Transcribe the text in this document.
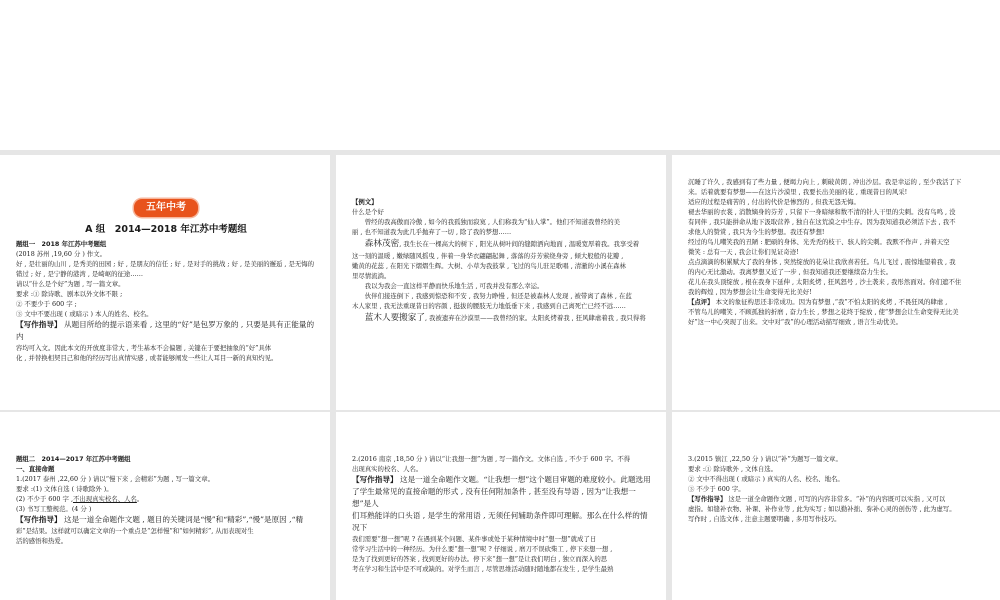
五年中考
A 组　2014—2018 年江苏中考题组

题组一　2018 年江苏中考题组

(2018 苏州 ,19,60 分 ) 作文。

好 , 是壮丽的山川 , 是秀美的田园 ; 好 , 是朋友的信任 ; 好 , 是对手的挑战 ; 好 , 是美丽的邂逅 , 是无悔的

错过 ; 好 , 是宁静的港湾 , 是崎岖的征途……

请以“什么是个好”为题 , 写一篇文章。

要求 :① 除诗歌、剧本以外文体不限 ;

② 不要少于 600 字 ;

③ 文中不要出现 ( 或暗示 ) 本人的姓名、校名。

【写作指导】 从题目所给的提示语来看 , 这里的“好”是包罗万象的 , 只要是具有正能量的内

容均可入文。因此本文的开放度非常大 , 考生基本不会偏题 , 关键在于要把抽象的“好”具体

化 , 并替换相契目己和他的经历写出真情实感 , 或者能够阐发一些让人耳目一新的真知灼见。

【例文】

什么是个好

曾经的我高傲而冷傲 , 如今的我孤独而寂寞 , 人们称我为“仙人掌”。他们不知道我曾经的美

丽 , 也不知道我为此几乎抛弃了一切 , 除了我的梦想……

森林茂密, 我生长在一棵高大的树下 , 阳光从树叶间的缝隙洒向地面 , 温暖宽厚着我。我享受着

这一刻的温暖 , 嫩绿随风摇曳 , 伴着一身华衣翩翩起舞 , 落落的芬芳萦绕身旁 , 倾大般般的花瓣 ,

嫩黄的花蕊 , 在阳光下熠熠生辉。大树、小草为我鼓掌 , 飞过的鸟儿驻足歌唱 , 清澈的小溪在森林

里尽情流淌。

我以为我会一直这样平静而快乐地生活 , 可我并没有那么幸运。

伙伴们接连倒下 , 我感到惊恐和不安 , 我努力睁慢 , 但还是被森林人发现 , 被带离了森林 , 在蓝

木人家里 , 我无法重现昔日的容颜 , 挺拔的腰肢无力地低垂下来 , 我感到自己离死亡已经不远……

蓝木人要搬家了, 我被遗弃在沙漠里——我曾经的家。太阳炙烤着我 , 狂风肆虐着我 , 我只得将

沉睡了许久 , 我感到有了些力量 , 便竭力向上 , 刺破黄朗 , 冲出沙层。我是幸运的 , 至少我活了下

来。话着就要有梦想——在这片沙漠里 , 我要长出美丽的花 , 重现昔日的风采!

适应的过程是痛苦的 , 付出的代价是惨烈的 , 但我无怨无悔。

褪去华丽的衣裳 , 消散嫡身的芬芳 , 只留下一身暗绿和数不清的针人干里的尖刺。没有鸟鸣 , 没

有同伴 , 我只能拼命从地下汲取营养 , 独自在这荒漠之中生存。因为我知道我必须活下去 , 我不

求他人的赞赏 , 我只为今生的梦想。我还有梦想!

经过的鸟儿嘲笑我的丑陋 : 肥硕的身体、光秃秃的枝干、骇人的尖刺。我默不作声 , 并着天空

微笑 : 总有一天 , 我会让你们见证奇迹!

点点滴滴的积累赋大了我的身体 , 突然绽放的花朵让我欣喜若狂。鸟儿飞过 , 震惊地望着我 , 我

的内心无比激动。我离梦想又近了一步 , 但我知道我还要继续奋力生长。

花儿在我头顶绽放 , 根在我身下延伸 , 太阳炙烤 , 狂风怒号 , 沙土袭来 , 我彤然面对。你们遮不住

我的辉煌 , 因为梦想会让生命变得无比美好!

【点评】 本文的象征构思还非常成功。因为有梦想 ,“我”不怕太阳的炙烤 , 不畏狂风的肆虐 ,

不管鸟儿的嘲笑 , 不顾孤独的折磨 , 奋力生长 , 梦想之花终于绽放 , 使“梦想会让生命变得无比美

好”这一中心突现了出来。文中对“我”的心理活动描写细致 , 语言生动优美。

题组二　2014—2017 年江苏中考题组

一、直接命题

1.(2017 泰州 ,22,60 分 ) 请以“慢下来 , 会精彩”为题 , 写一篇文章。

要求 :(1) 文体自选 ( 诗歌除外 )。

(2) 不少于 600 字 ,不出现真实校名、人名。

(3) 书写工整规范。(4 分 )

【写作指导】 这是一道全命题作文题 , 题目的关键词是“慢”和“精彩”,“慢”是原因 ,“精

彩”是结果。这样就可以确定文章的一个重点是“怎样慢”和“如何精彩”, 从而表现对生

活的感悟和热爱。

2.(2016 南京 ,18,50 分 ) 请以“让我想一想”为题 , 写一篇作文。文体自选 , 不少于 600 字。不得

出现真实的校名、人名。

【写作指导】 这是一道全命题作文题。“让我想一想”这个题目审题的难度较小。此题选用

了学生最常见的直接命题的形式 , 没有任何附加条件 , 甚至没有导语 , 因为“让我想一想”是人

们耳熟能详的口头语 , 是学生的常用语 , 无须任何辅助条件即可理解。那么在什么样的情况下

我们需要“想一想”呢 ? 在遇到某个问题、某件事或处于某种情境中时“想一想”就成了日

常学习生活中的一种经历。为什么要“想一想”呢 ? 仔细说 , 磨刀不误砍柴工 , 停下来想一想 ,

是为了找到更好的答案 , 找到更好的办法。停下来“想一想”是让我们明白 , 独立而深入的思

考在学习和生活中是不可或缺的。对学生而言 , 尽管思维活动随时随地都在发生 , 是学生最熟

3.(2015 镇江 ,22,50 分 ) 请以“补”为题写一篇文章。

要求 :① 除诗歌外 , 文体自选。

② 文中不得出现 ( 或暗示 ) 真实的人名、校名、地名。

③ 不少于 600 字。

【写作指导】 这是一道全命题作文题 , 可写的内容非常多。“补”的内容既可以实指 , 又可以

虚指。如缝补衣物、补课、补作业等 , 此为实写 ; 如以勤补拙、弥补心灵的创伤等 , 此为虚写。

写作时 , 自选文体 , 注意主题要明确 , 多用写作技巧。
